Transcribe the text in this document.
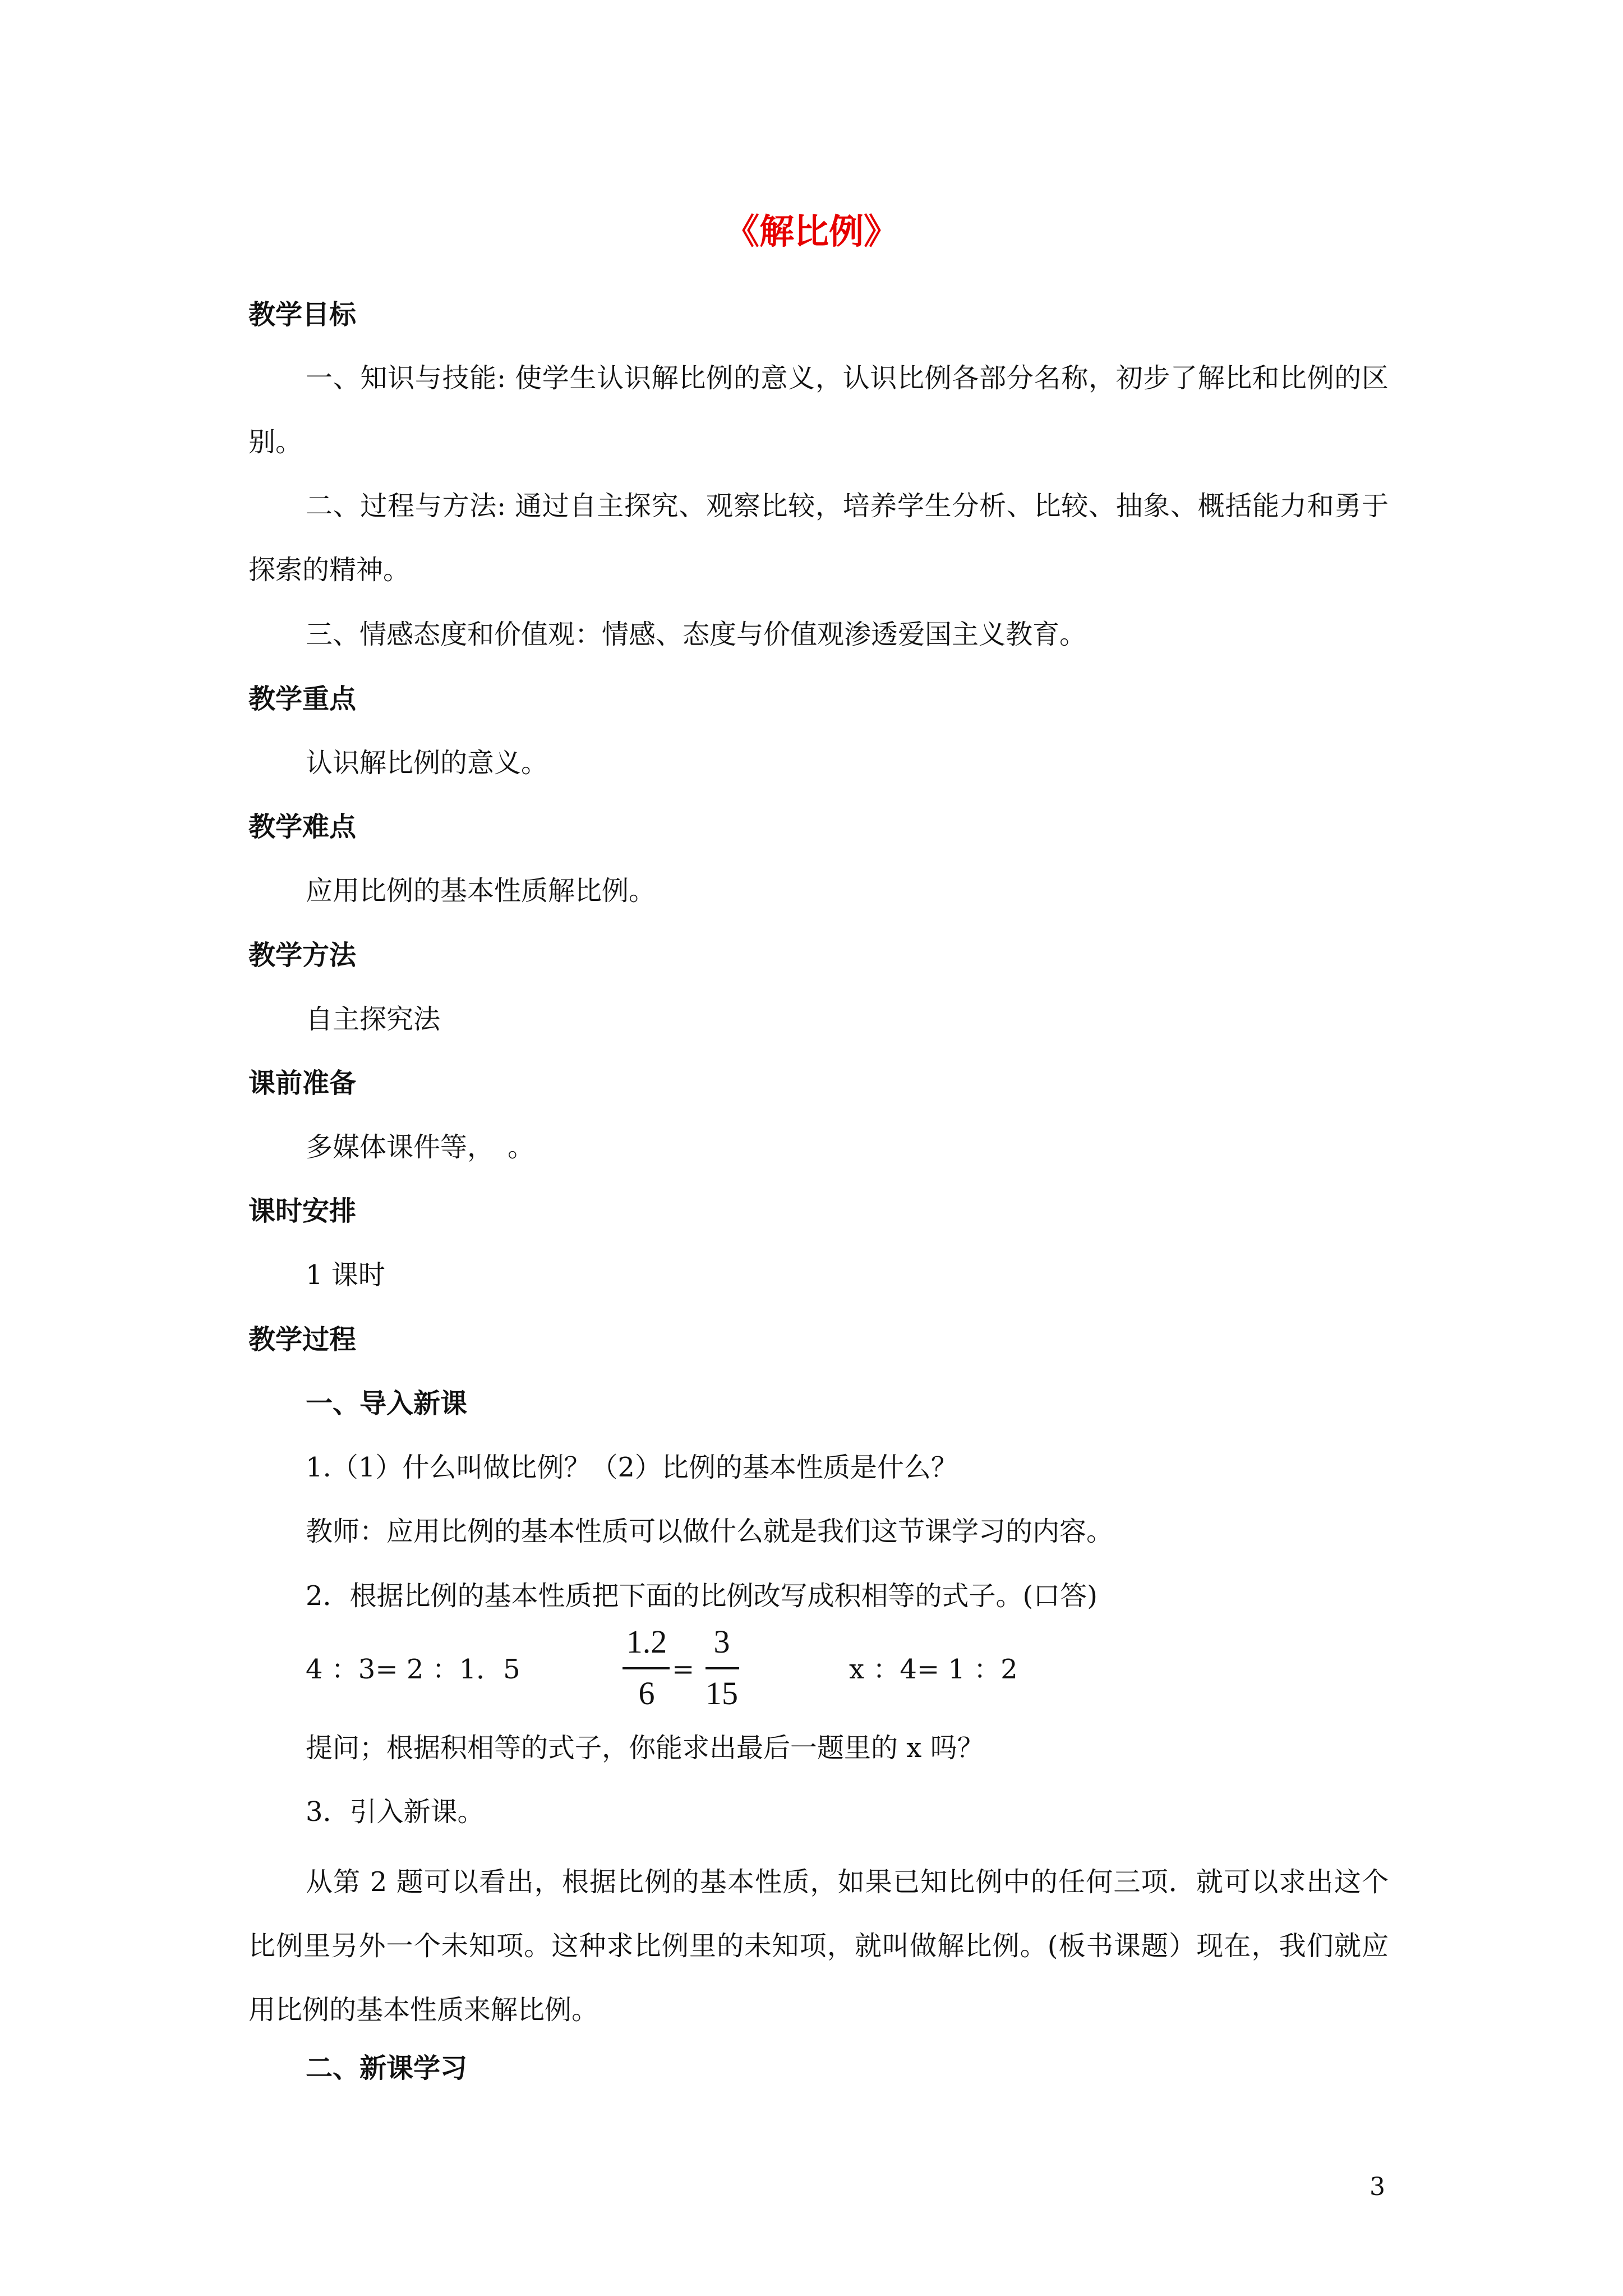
《解比例》
教学目标
一、知识与技能: 使学生认识解比例的意义，认识比例各部分名称，初步了解比和比例的区别。
二、过程与方法: 通过自主探究、观察比较，培养学生分析、比较、抽象、概括能力和勇于探索的精神。
三、情感态度和价值观：情感、态度与价值观渗透爱国主义教育。
教学重点
认识解比例的意义。
教学难点
应用比例的基本性质解比例。
教学方法
自主探究法
课前准备
多媒体课件等，　。
课时安排
1 课时
教学过程
一、导入新课
1.（1）什么叫做比例？（2）比例的基本性质是什么？
教师：应用比例的基本性质可以做什么就是我们这节课学习的内容。
2．根据比例的基本性质把下面的比例改写成积相等的式子。(口答)
4 ：3= 2 ：1．5
1.2
6
=
3
15
x ：4= 1 ：2
提问；根据积相等的式子，你能求出最后一题里的 x 吗？
3．引入新课。
从第 2 题可以看出，根据比例的基本性质，如果已知比例中的任何三项．就可以求出这个比例里另外一个未知项。这种求比例里的未知项，就叫做解比例。(板书课题）现在，我们就应用比例的基本性质来解比例。
二、新课学习
3
